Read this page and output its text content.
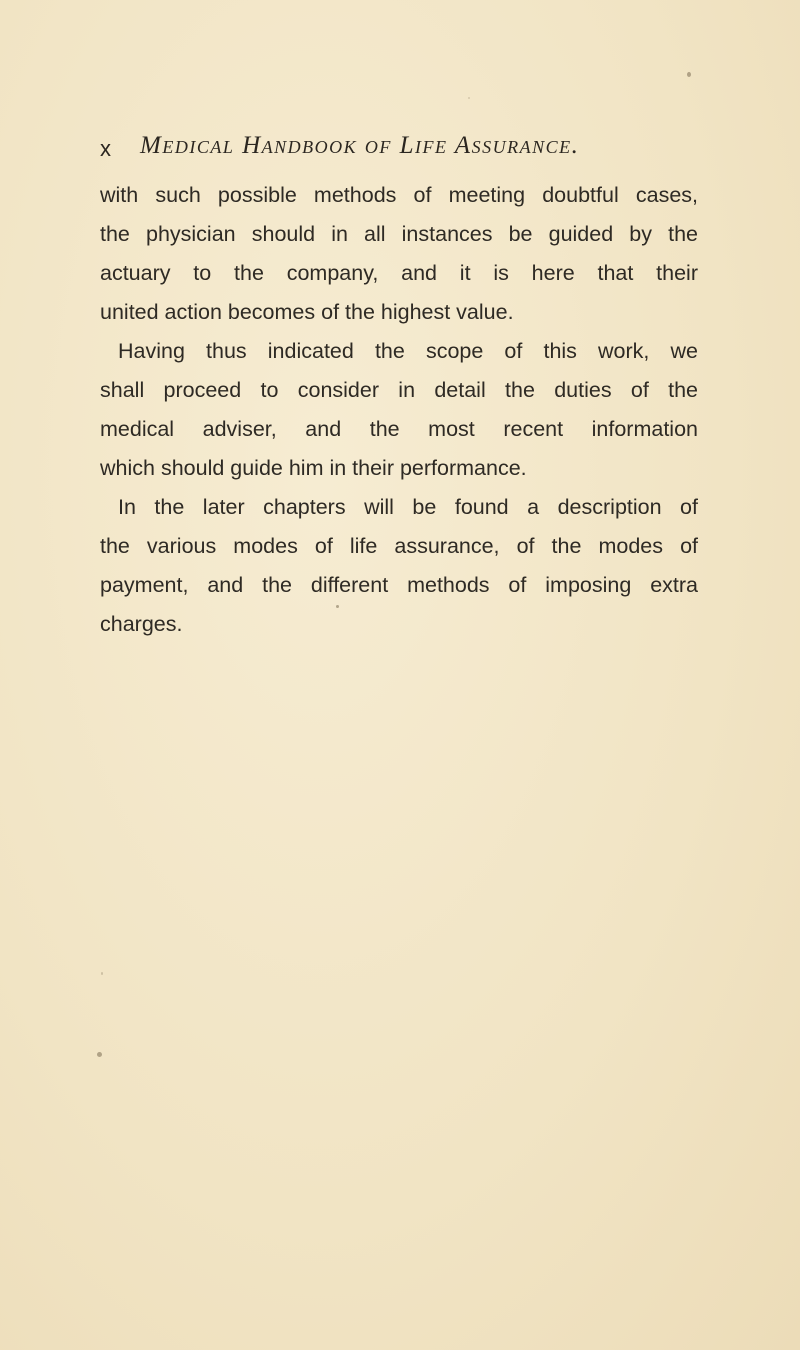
x Medical Handbook of Life Assurance.
with such possible methods of meeting doubtful cases,
the physician should in all instances be guided by the
actuary to the company, and it is here that their
united action becomes of the highest value.
Having thus indicated the scope of this work, we
shall proceed to consider in detail the duties of the
medical adviser, and the most recent information
which should guide him in their performance.
In the later chapters will be found a description of
the various modes of life assurance, of the modes of
payment, and the different methods of imposing extra
charges.
